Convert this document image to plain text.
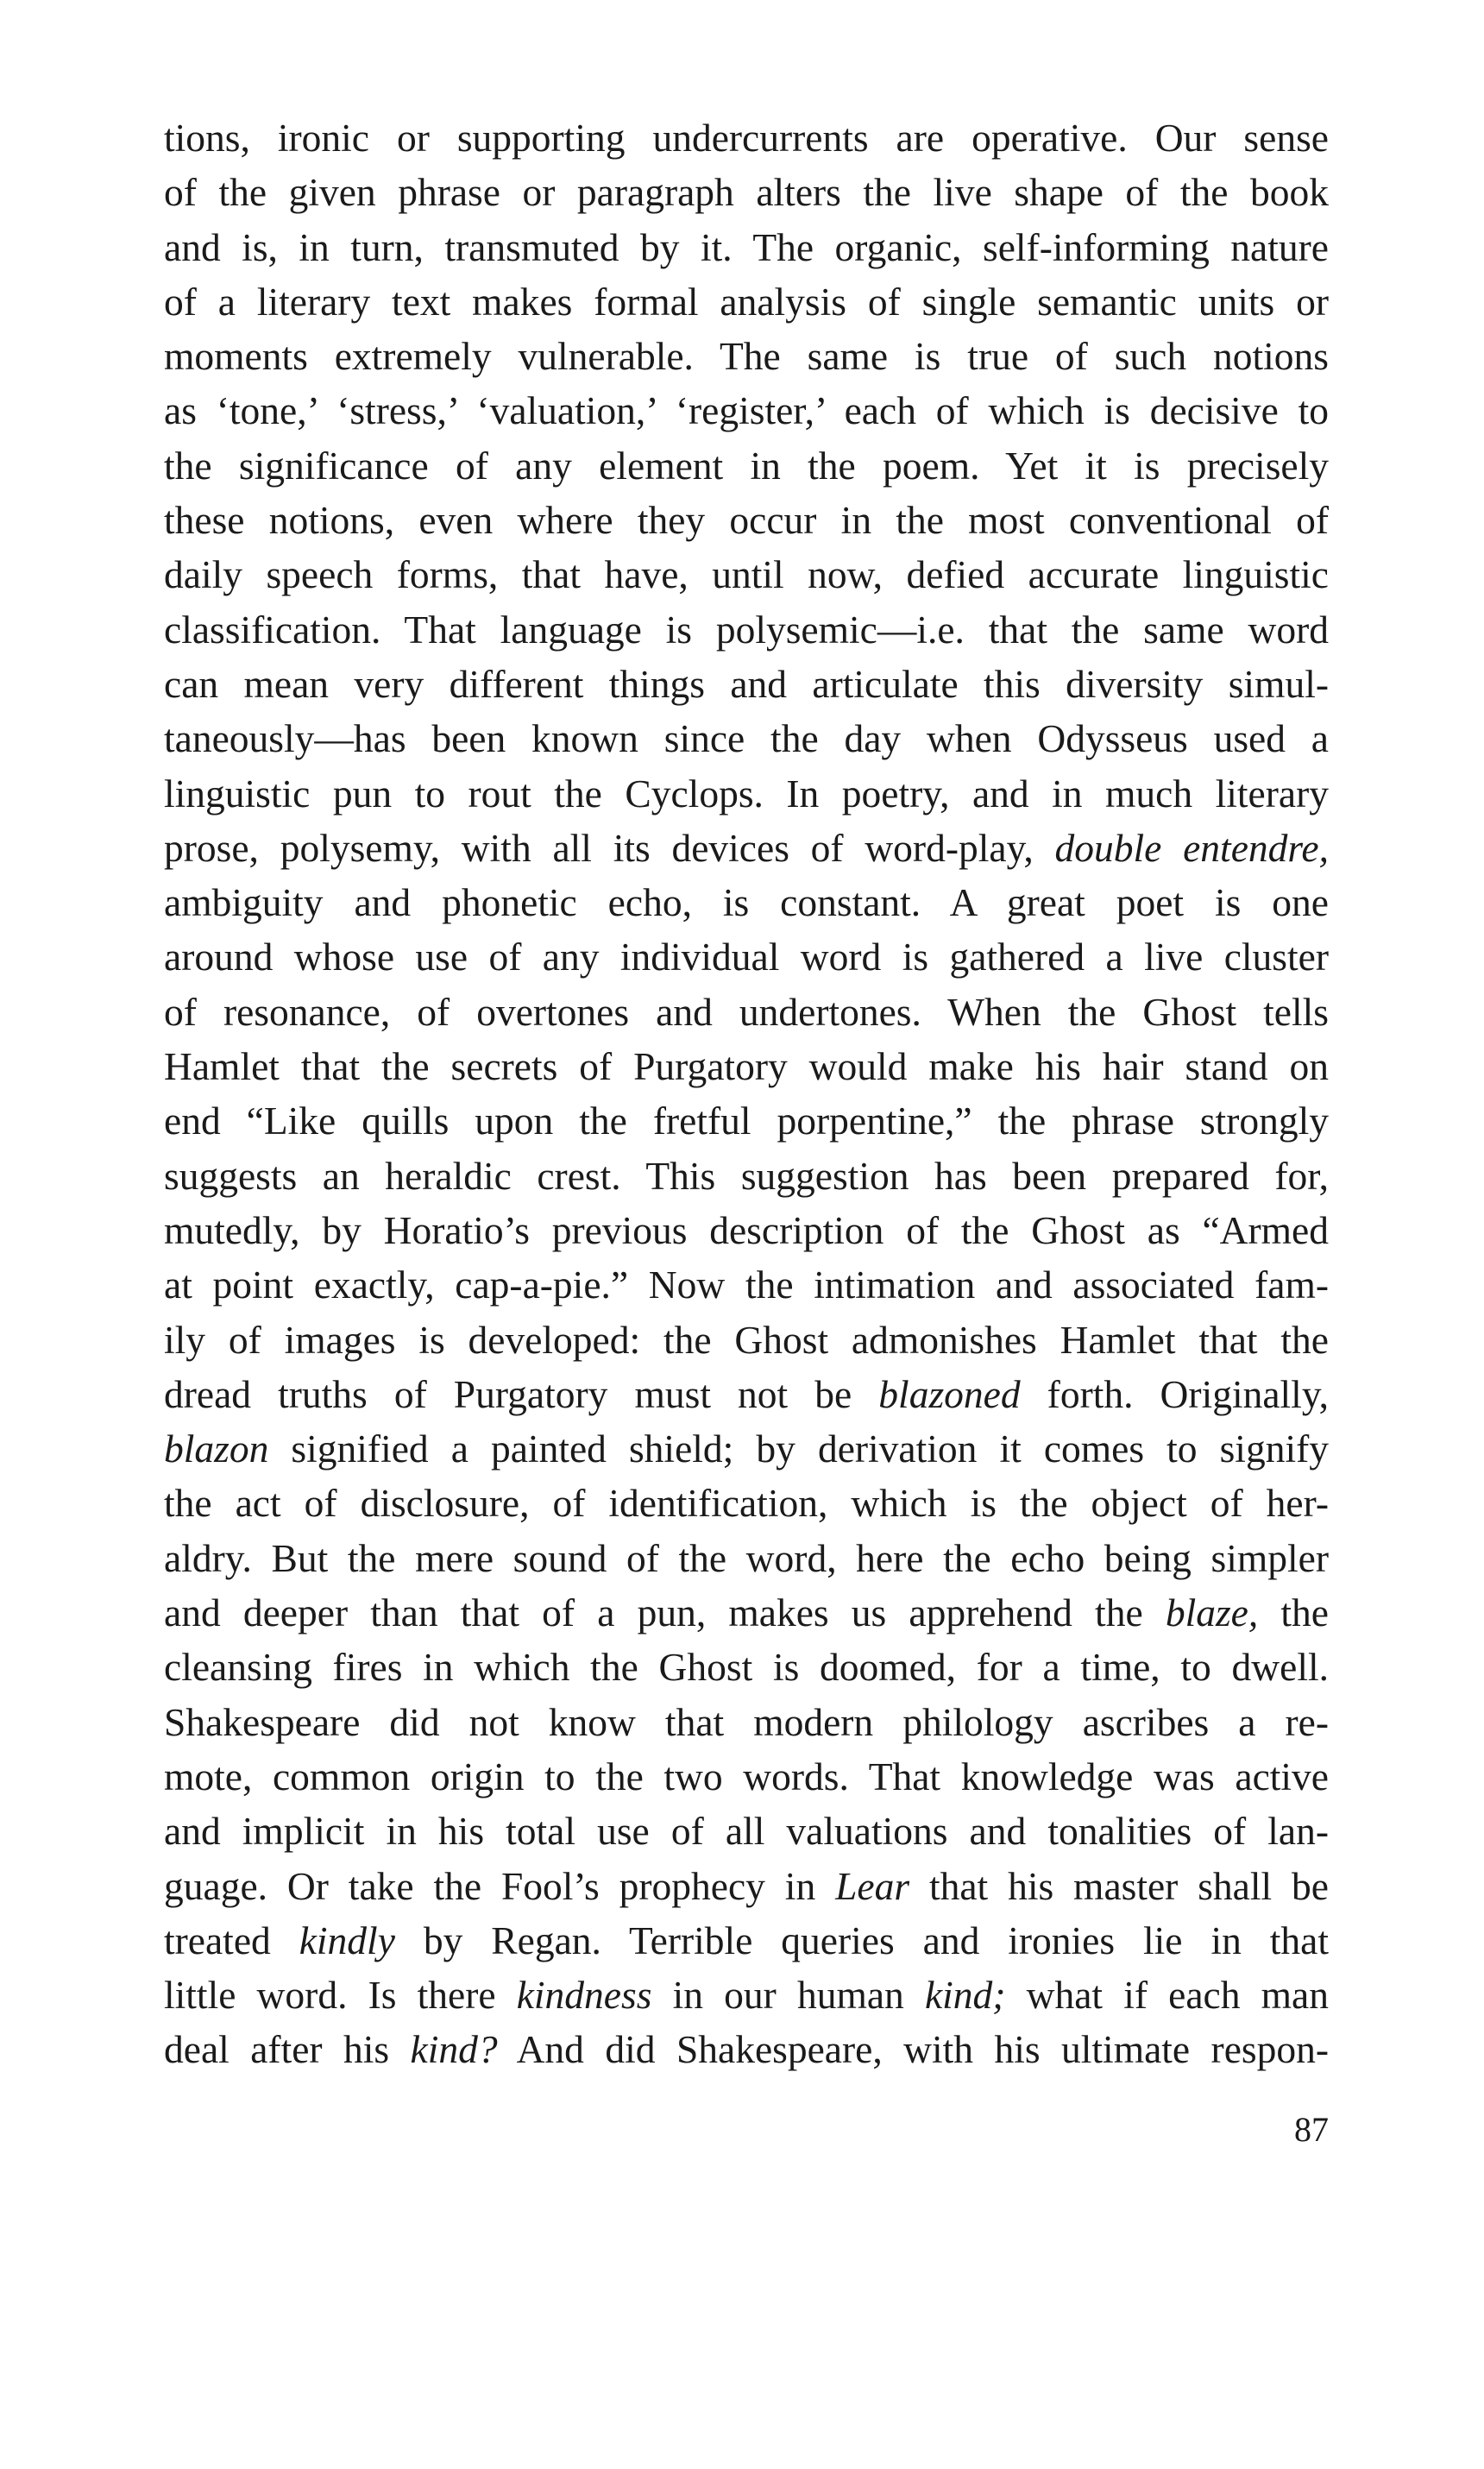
tions, ironic or supporting undercurrents are operative. Our sense
of the given phrase or paragraph alters the live shape of the book
and is, in turn, transmuted by it. The organic, self-informing nature
of a literary text makes formal analysis of single semantic units or
moments extremely vulnerable. The same is true of such notions
as ‘tone,’ ‘stress,’ ‘valuation,’ ‘register,’ each of which is decisive to
the significance of any element in the poem. Yet it is precisely
these notions, even where they occur in the most conventional of
daily speech forms, that have, until now, defied accurate linguistic
classification. That language is polysemic—i.e. that the same word
can mean very different things and articulate this diversity simul-
taneously—has been known since the day when Odysseus used a
linguistic pun to rout the Cyclops. In poetry, and in much literary
prose, polysemy, with all its devices of word-play, double entendre,
ambiguity and phonetic echo, is constant. A great poet is one
around whose use of any individual word is gathered a live cluster
of resonance, of overtones and undertones. When the Ghost tells
Hamlet that the secrets of Purgatory would make his hair stand on
end “Like quills upon the fretful porpentine,” the phrase strongly
suggests an heraldic crest. This suggestion has been prepared for,
mutedly, by Horatio’s previous description of the Ghost as “Armed
at point exactly, cap-a-pie.” Now the intimation and associated fam-
ily of images is developed: the Ghost admonishes Hamlet that the
dread truths of Purgatory must not be blazoned forth. Originally,
blazon signified a painted shield; by derivation it comes to signify
the act of disclosure, of identification, which is the object of her-
aldry. But the mere sound of the word, here the echo being simpler
and deeper than that of a pun, makes us apprehend the blaze, the
cleansing fires in which the Ghost is doomed, for a time, to dwell.
Shakespeare did not know that modern philology ascribes a re-
mote, common origin to the two words. That knowledge was active
and implicit in his total use of all valuations and tonalities of lan-
guage. Or take the Fool’s prophecy in Lear that his master shall be
treated kindly by Regan. Terrible queries and ironies lie in that
little word. Is there kindness in our human kind; what if each man
deal after his kind? And did Shakespeare, with his ultimate respon-
87
